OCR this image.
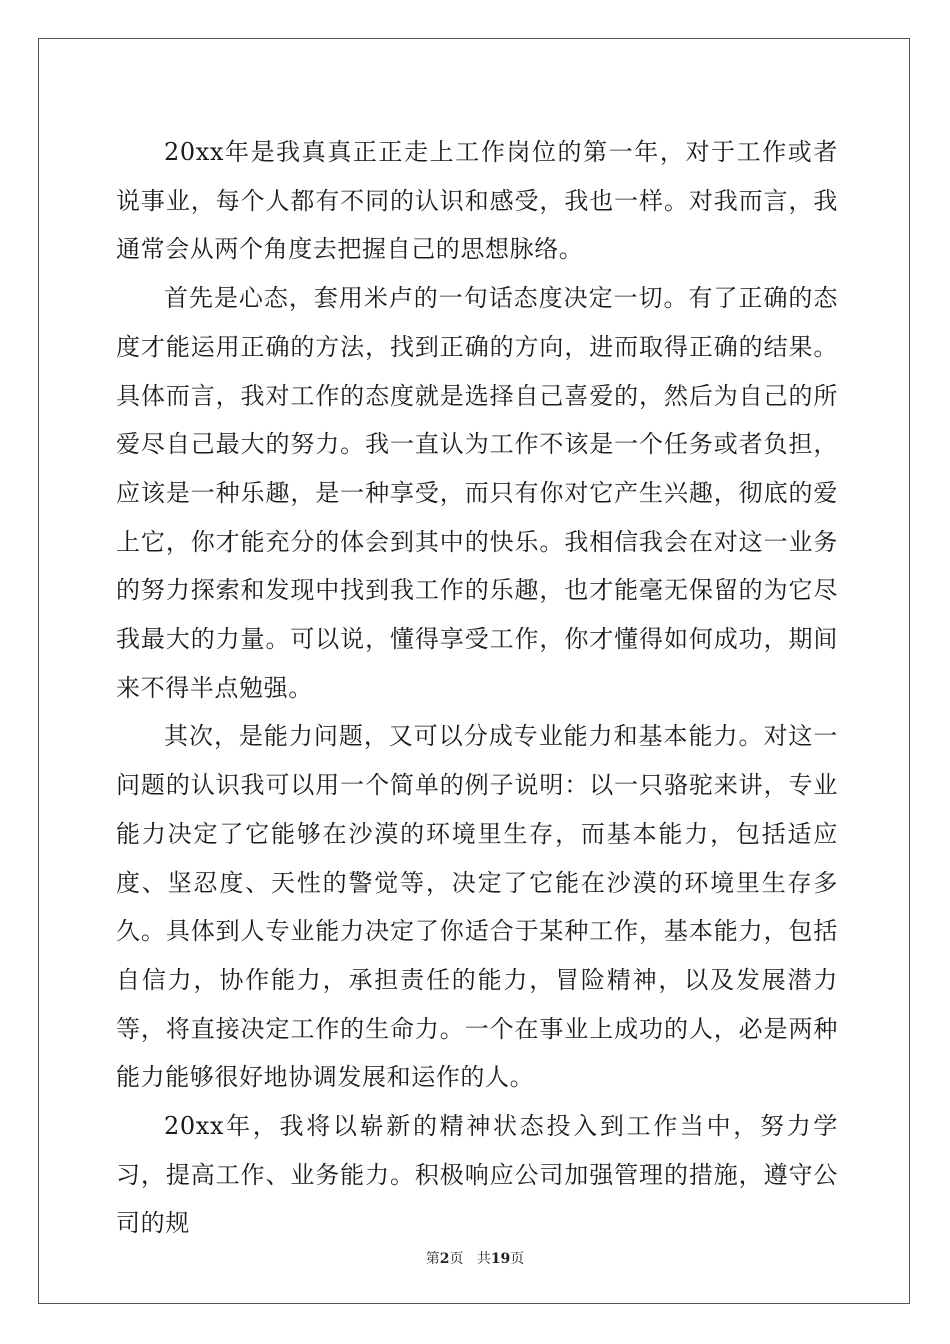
20xx年是我真真正正走上工作岗位的第一年，对于工作或者说事业，每个人都有不同的认识和感受，我也一样。对我而言，我通常会从两个角度去把握自己的思想脉络。

首先是心态，套用米卢的一句话态度决定一切。有了正确的态度才能运用正确的方法，找到正确的方向，进而取得正确的结果。具体而言，我对工作的态度就是选择自己喜爱的，然后为自己的所爱尽自己最大的努力。我一直认为工作不该是一个任务或者负担，应该是一种乐趣，是一种享受，而只有你对它产生兴趣，彻底的爱上它，你才能充分的体会到其中的快乐。我相信我会在对这一业务的努力探索和发现中找到我工作的乐趣，也才能毫无保留的为它尽我最大的力量。可以说，懂得享受工作，你才懂得如何成功，期间来不得半点勉强。

其次，是能力问题，又可以分成专业能力和基本能力。对这一问题的认识我可以用一个简单的例子说明：以一只骆驼来讲，专业能力决定了它能够在沙漠的环境里生存，而基本能力，包括适应度、坚忍度、天性的警觉等，决定了它能在沙漠的环境里生存多久。具体到人专业能力决定了你适合于某种工作，基本能力，包括自信力，协作能力，承担责任的能力，冒险精神，以及发展潜力等，将直接决定工作的生命力。一个在事业上成功的人，必是两种能力能够很好地协调发展和运作的人。

20xx年，我将以崭新的精神状态投入到工作当中，努力学习，提高工作、业务能力。积极响应公司加强管理的措施，遵守公司的规

第2页 共19页
